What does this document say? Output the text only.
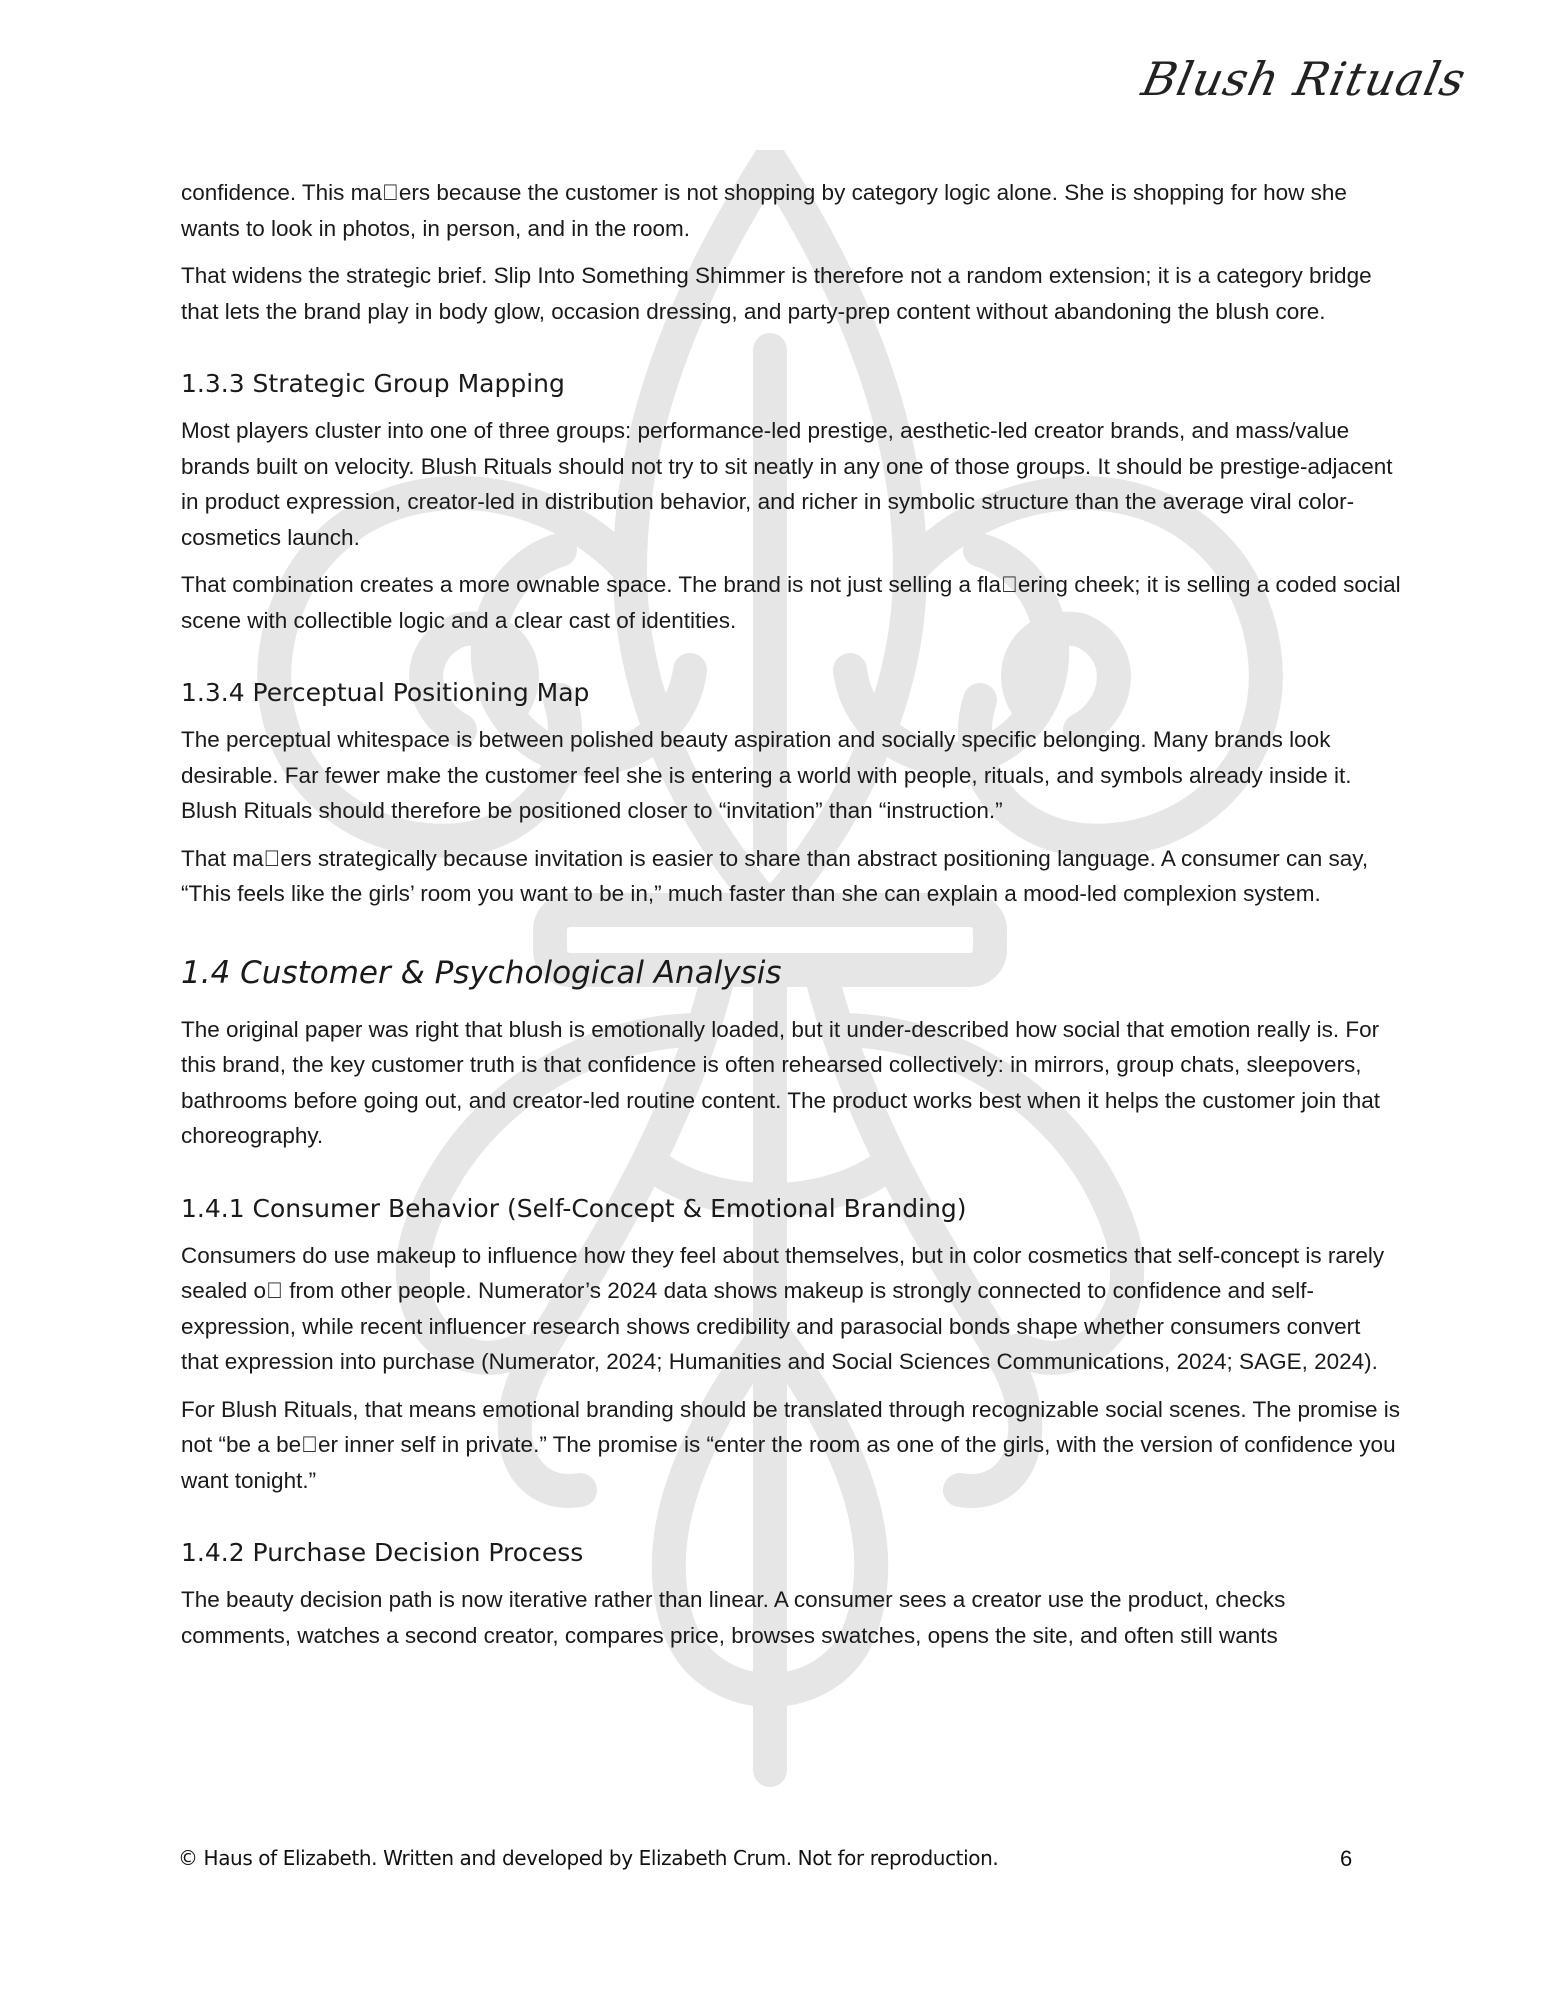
Blush Rituals

confidence. This ma ers because the customer is not shopping by category logic alone. She is shopping for how she wants to look in photos, in person, and in the room.

That widens the strategic brief. Slip Into Something Shimmer is therefore not a random extension; it is a category bridge that lets the brand play in body glow, occasion dressing, and party-prep content without abandoning the blush core.

1.3.3 Strategic Group Mapping

Most players cluster into one of three groups: performance-led prestige, aesthetic-led creator brands, and mass/value brands built on velocity. Blush Rituals should not try to sit neatly in any one of those groups. It should be prestige-adjacent in product expression, creator-led in distribution behavior, and richer in symbolic structure than the average viral color-cosmetics launch.

That combination creates a more ownable space. The brand is not just selling a fla ering cheek; it is selling a coded social scene with collectible logic and a clear cast of identities.

1.3.4 Perceptual Positioning Map

The perceptual whitespace is between polished beauty aspiration and socially specific belonging. Many brands look desirable. Far fewer make the customer feel she is entering a world with people, rituals, and symbols already inside it. Blush Rituals should therefore be positioned closer to “invitation” than “instruction.”

That ma ers strategically because invitation is easier to share than abstract positioning language. A consumer can say, “This feels like the girls’ room you want to be in,” much faster than she can explain a mood-led complexion system.

1.4 Customer & Psychological Analysis

The original paper was right that blush is emotionally loaded, but it under-described how social that emotion really is. For this brand, the key customer truth is that confidence is often rehearsed collectively: in mirrors, group chats, sleepovers, bathrooms before going out, and creator-led routine content. The product works best when it helps the customer join that choreography.

1.4.1 Consumer Behavior (Self-Concept & Emotional Branding)

Consumers do use makeup to influence how they feel about themselves, but in color cosmetics that self-concept is rarely sealed o  from other people. Numerator’s 2024 data shows makeup is strongly connected to confidence and self-expression, while recent influencer research shows credibility and parasocial bonds shape whether consumers convert that expression into purchase (Numerator, 2024; Humanities and Social Sciences Communications, 2024; SAGE, 2024).

For Blush Rituals, that means emotional branding should be translated through recognizable social scenes. The promise is not “be a be er inner self in private.” The promise is “enter the room as one of the girls, with the version of confidence you want tonight.”

1.4.2 Purchase Decision Process

The beauty decision path is now iterative rather than linear. A consumer sees a creator use the product, checks comments, watches a second creator, compares price, browses swatches, opens the site, and often still wants

© Haus of Elizabeth. Written and developed by Elizabeth Crum. Not for reproduction.	6
